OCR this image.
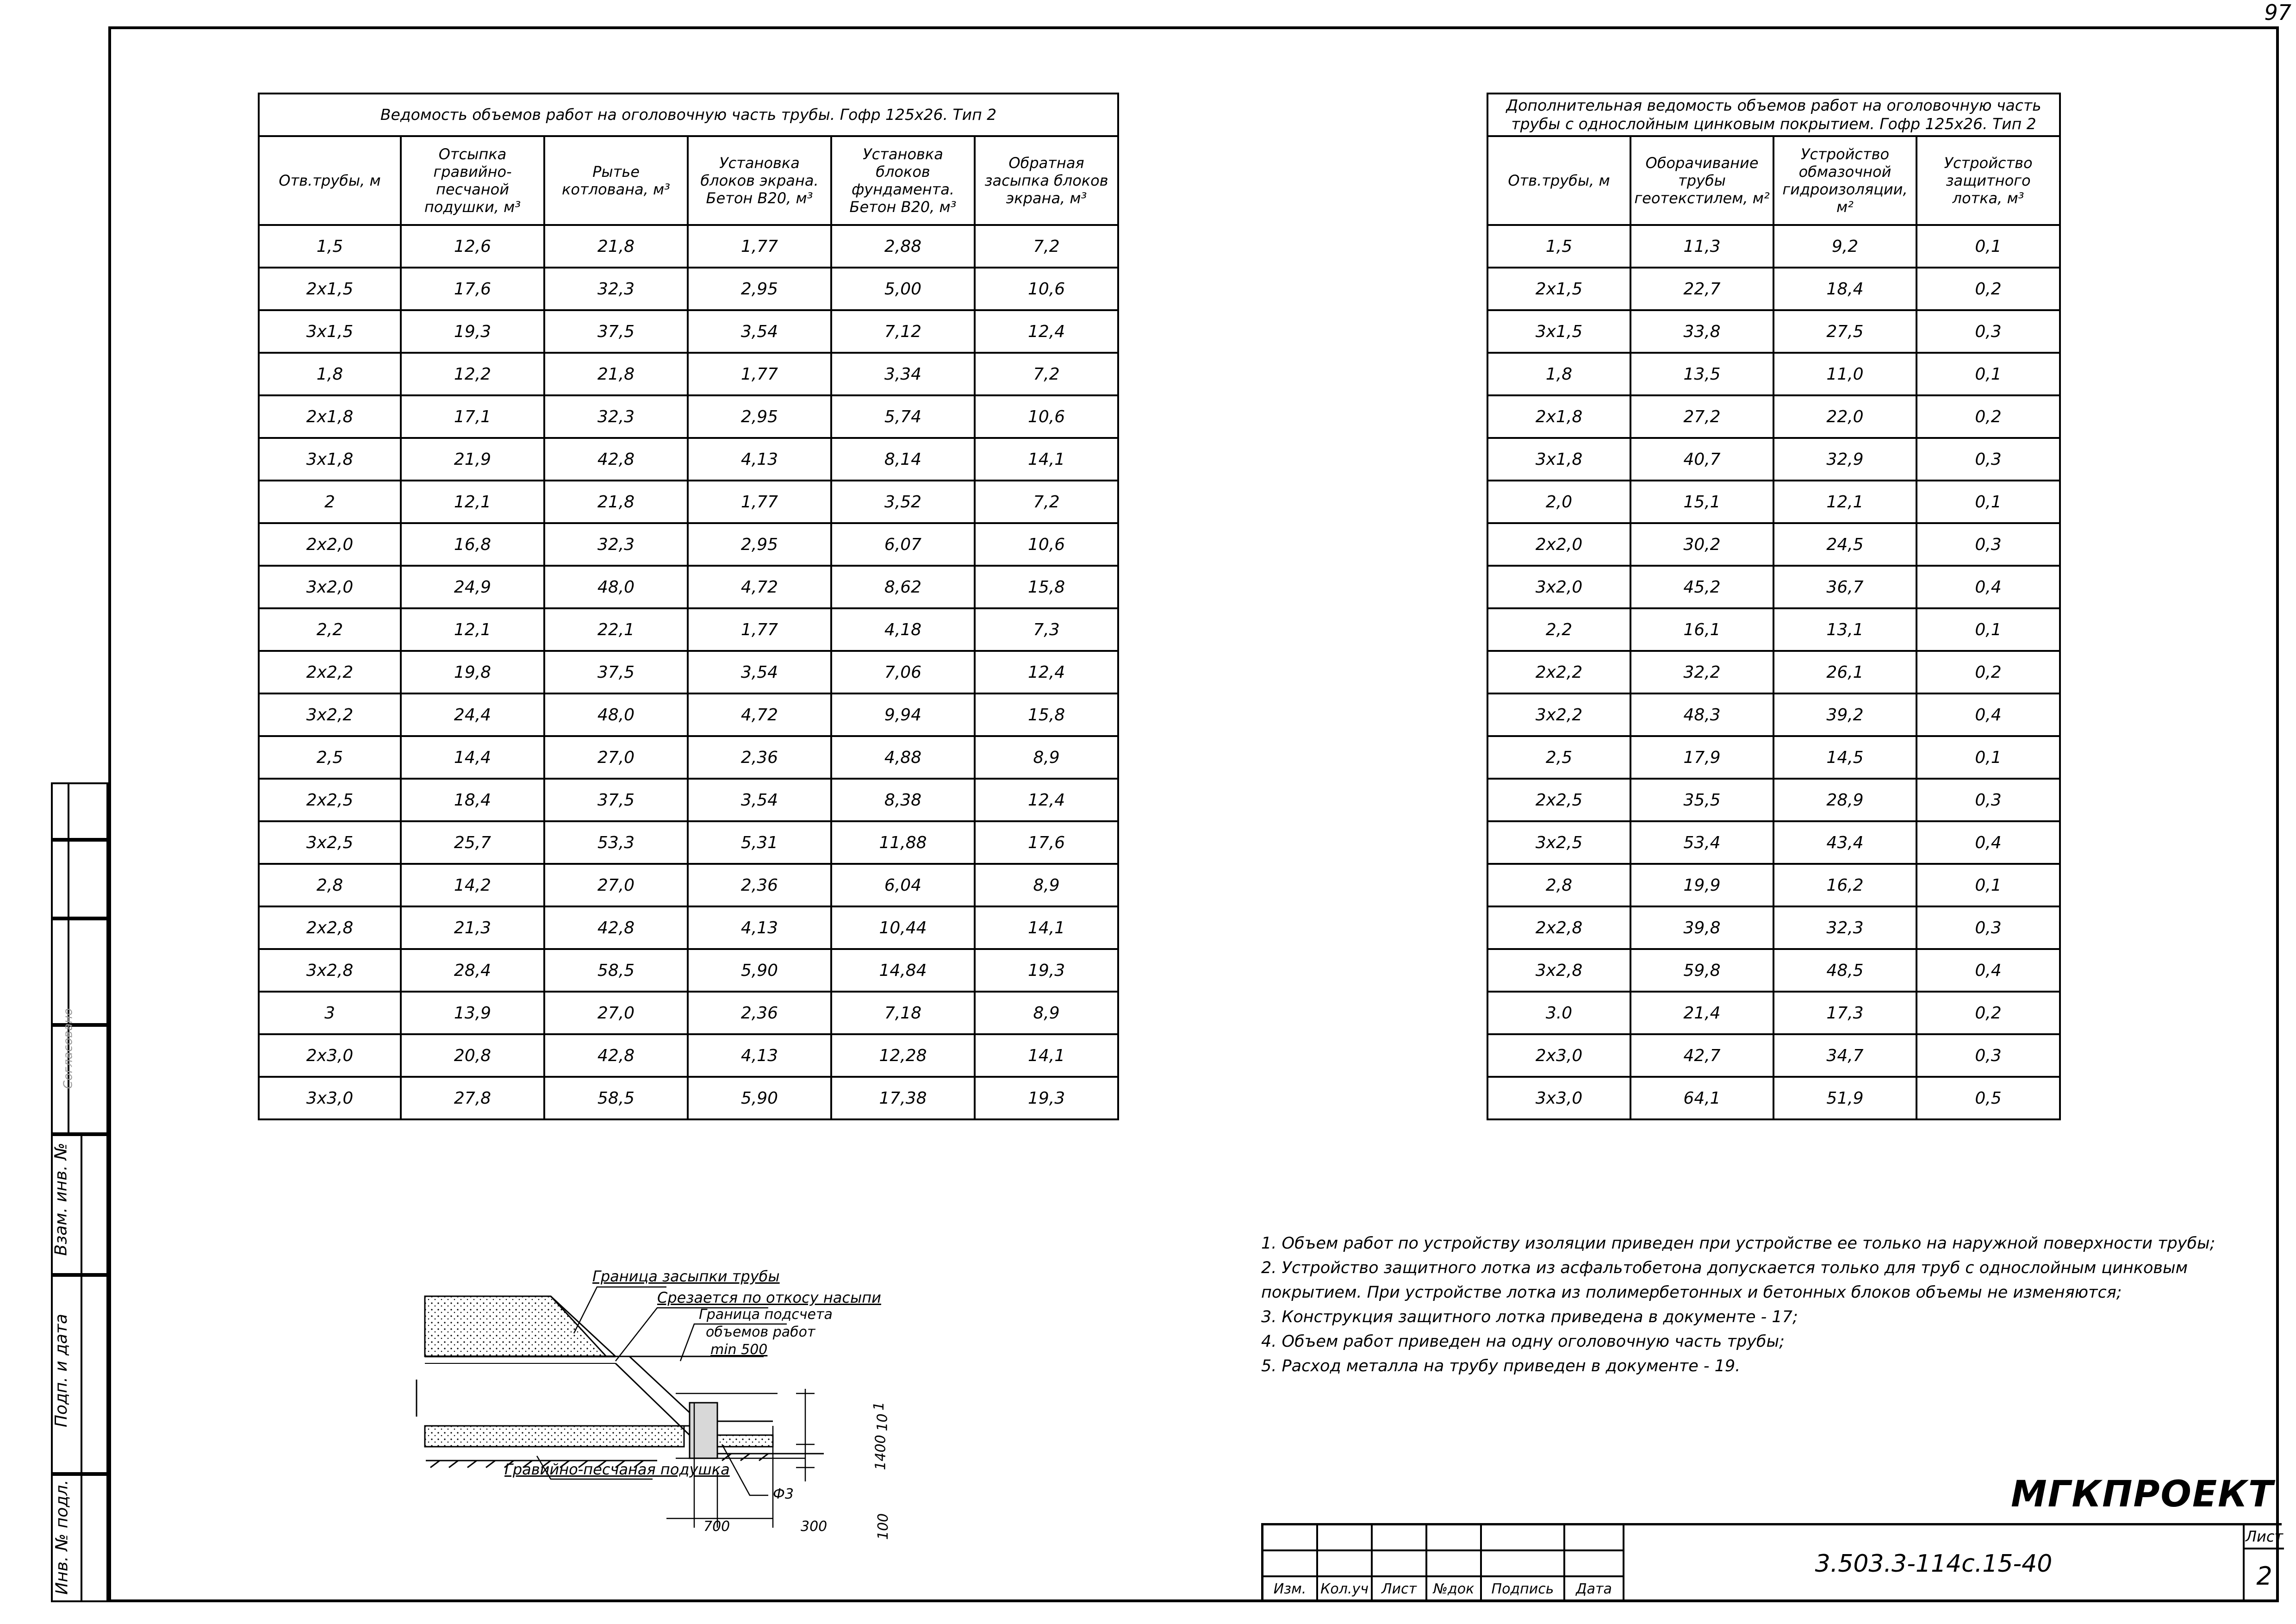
97
Ведомость объемов работ на оголовочную часть трубы. Гофр 125х26. Тип 2					
Отв.трубы, м	Отсыпка гравийно-песчаной подушки, м³	Рытье котлована, м³	Установка блоков экрана. Бетон В20, м³	Установка блоков фундамента. Бетон В20, м³	Обратная засыпка блоков экрана, м³
1,5	12,6	21,8	1,77	2,88	7,2
2х1,5	17,6	32,3	2,95	5,00	10,6
3х1,5	19,3	37,5	3,54	7,12	12,4
1,8	12,2	21,8	1,77	3,34	7,2
2х1,8	17,1	32,3	2,95	5,74	10,6
3х1,8	21,9	42,8	4,13	8,14	14,1
2	12,1	21,8	1,77	3,52	7,2
2х2,0	16,8	32,3	2,95	6,07	10,6
3х2,0	24,9	48,0	4,72	8,62	15,8
2,2	12,1	22,1	1,77	4,18	7,3
2х2,2	19,8	37,5	3,54	7,06	12,4
3х2,2	24,4	48,0	4,72	9,94	15,8
2,5	14,4	27,0	2,36	4,88	8,9
2х2,5	18,4	37,5	3,54	8,38	12,4
3х2,5	25,7	53,3	5,31	11,88	17,6
2,8	14,2	27,0	2,36	6,04	8,9
2х2,8	21,3	42,8	4,13	10,44	14,1
3х2,8	28,4	58,5	5,90	14,84	19,3
3	13,9	27,0	2,36	7,18	8,9
2х3,0	20,8	42,8	4,13	12,28	14,1
3х3,0	27,8	58,5	5,90	17,38	19,3
Дополнительная ведомость объемов работ на оголовочную часть трубы с однослойным цинковым покрытием. Гофр 125х26. Тип 2			
Отв.трубы, м	Оборачивание трубы геотекстилем, м²	Устройство обмазочной гидроизоляции, м²	Устройство защитного лотка, м³
1,5	11,3	9,2	0,1
2х1,5	22,7	18,4	0,2
3х1,5	33,8	27,5	0,3
1,8	13,5	11,0	0,1
2х1,8	27,2	22,0	0,2
3х1,8	40,7	32,9	0,3
2,0	15,1	12,1	0,1
2х2,0	30,2	24,5	0,3
3х2,0	45,2	36,7	0,4
2,2	16,1	13,1	0,1
2х2,2	32,2	26,1	0,2
3х2,2	48,3	39,2	0,4
2,5	17,9	14,5	0,1
2х2,5	35,5	28,9	0,3
3х2,5	53,4	43,4	0,4
2,8	19,9	16,2	0,1
2х2,8	39,8	32,3	0,3
3х2,8	59,8	48,5	0,4
3.0	21,4	17,3	0,2
2х3,0	42,7	34,7	0,3
3х3,0	64,1	51,9	0,5
1. Объем работ по устройству изоляции приведен при устройстве ее только на наружной поверхности трубы;
2. Устройство защитного лотка из асфальтобетона допускается только для труб с однослойным цинковым покрытием. При устройстве лотка из полимербетонных и бетонных блоков объемы не изменяются;
3. Конструкция защитного лотка приведена в документе - 17;
4. Объем работ приведен на одну оголовочную часть трубы;
5. Расход металла на трубу приведен в документе - 19.
Граница засыпки трубы
Срезается по откосу насыпи
Граница подсчета
объемов работ
min 500
Гравийно-песчаная подушка
Ф3
700	300	100
1400
1
10
Согласовано
Взам. инв. №
Подп. и дата
Инв. № подл.	МГКПРОЕКТ
Изм.	Кол.уч Лист	№док	Подпись	Дата
3.503.3-114с.15-40
Лист
2
